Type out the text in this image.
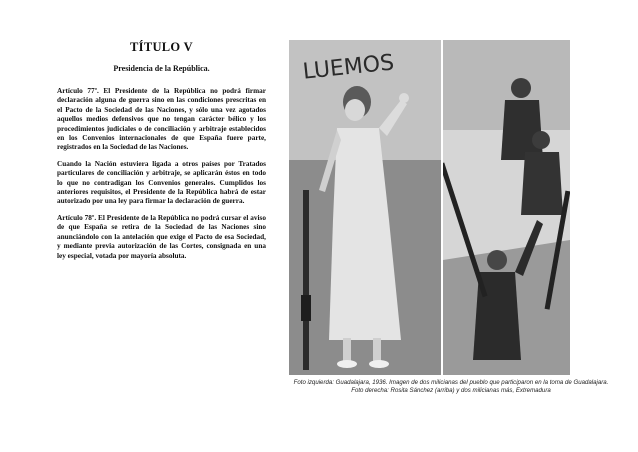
TÍTULO V

Presidencia de la República.

Artículo 77º. El Presidente de la República no podrá firmar declaración alguna de guerra sino en las condiciones prescritas en el Pacto de la Sociedad de las Naciones, y sólo una vez agotados aquellos medios defensivos que no tengan carácter bélico y los procedimientos judiciales o de conciliación y arbitraje establecidos en los Convenios internacionales de que España fuere parte, registrados en la Sociedad de las Naciones.

Cuando la Nación estuviera ligada a otros países por Tratados particulares de conciliación y arbitraje, se aplicarán éstos en todo lo que no contradigan los Convenios generales. Cumplidos los anteriores requisitos, el Presidente de la República habrá de estar autorizado por una ley para firmar la declaración de guerra.

Artículo 78º. El Presidente de la República no podrá cursar el aviso de que España se retira de la Sociedad de las Naciones sino anunciándolo con la antelación que exige el Pacto de esa Sociedad, y mediante previa autorización de las Cortes, consignada en una ley especial, votada por mayoría absoluta.

LUEMOS

Foto izquierda: Guadalajara, 1936. Imagen de dos milicianas del pueblo que participaron en la toma de Guadalajara.

Foto derecha: Rosita Sánchez (arriba) y dos milicianas más, Extremadura
